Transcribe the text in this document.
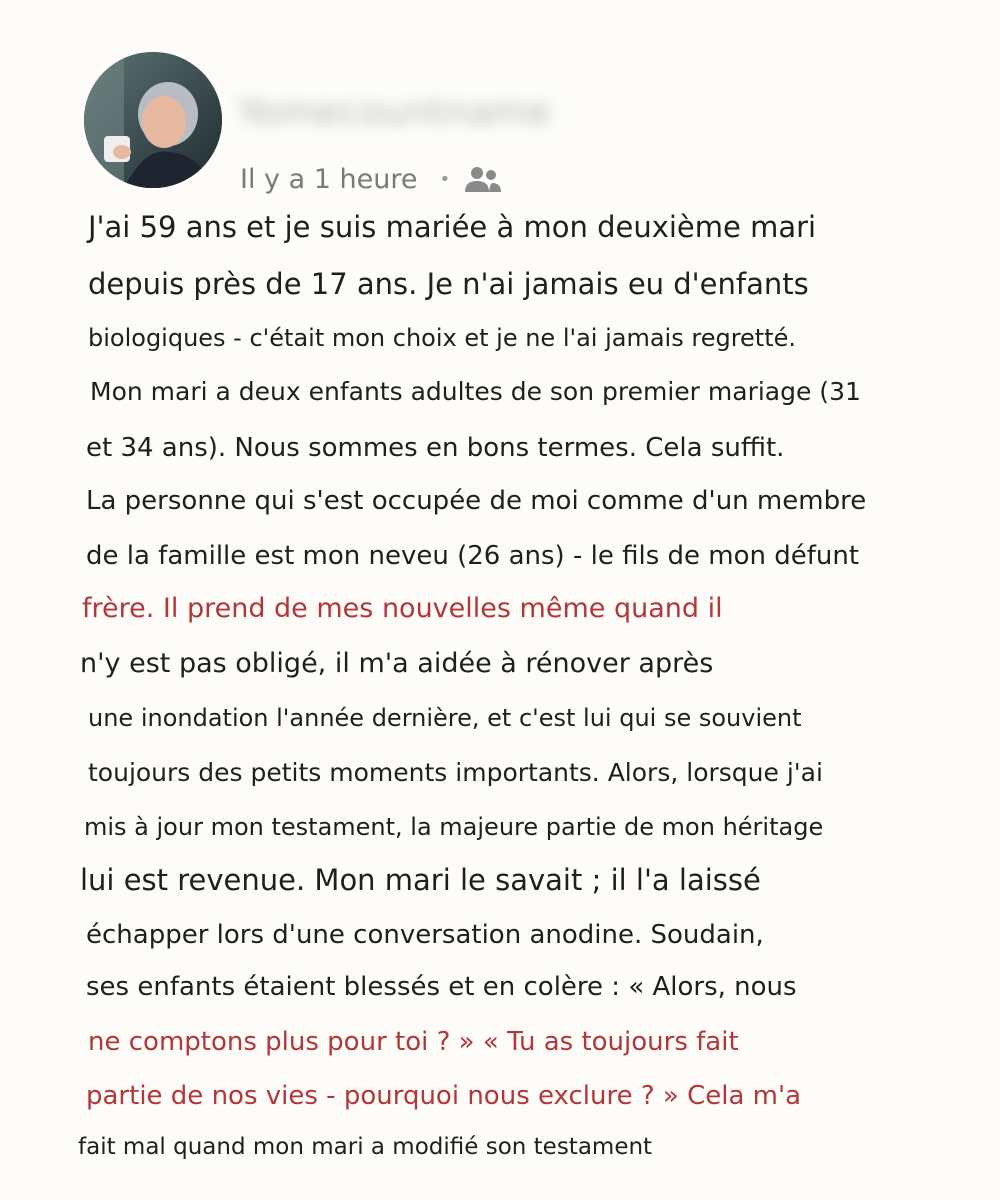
Yomecountname
Il y a 1 heure •
J'ai 59 ans et je suis mariée à mon deuxième mari
depuis près de 17 ans. Je n'ai jamais eu d'enfants
biologiques - c'était mon choix et je ne l'ai jamais regretté.
Mon mari a deux enfants adultes de son premier mariage (31
et 34 ans). Nous sommes en bons termes. Cela suffit.
La personne qui s'est occupée de moi comme d'un membre
de la famille est mon neveu (26 ans) - le fils de mon défunt
frère. Il prend de mes nouvelles même quand il
n'y est pas obligé, il m'a aidée à rénover après
une inondation l'année dernière, et c'est lui qui se souvient
toujours des petits moments importants. Alors, lorsque j'ai
mis à jour mon testament, la majeure partie de mon héritage
lui est revenue. Mon mari le savait ; il l'a laissé
échapper lors d'une conversation anodine. Soudain,
ses enfants étaient blessés et en colère : « Alors, nous
ne comptons plus pour toi ? » « Tu as toujours fait
partie de nos vies - pourquoi nous exclure ? » Cela m'a
fait mal quand mon mari a modifié son testament
